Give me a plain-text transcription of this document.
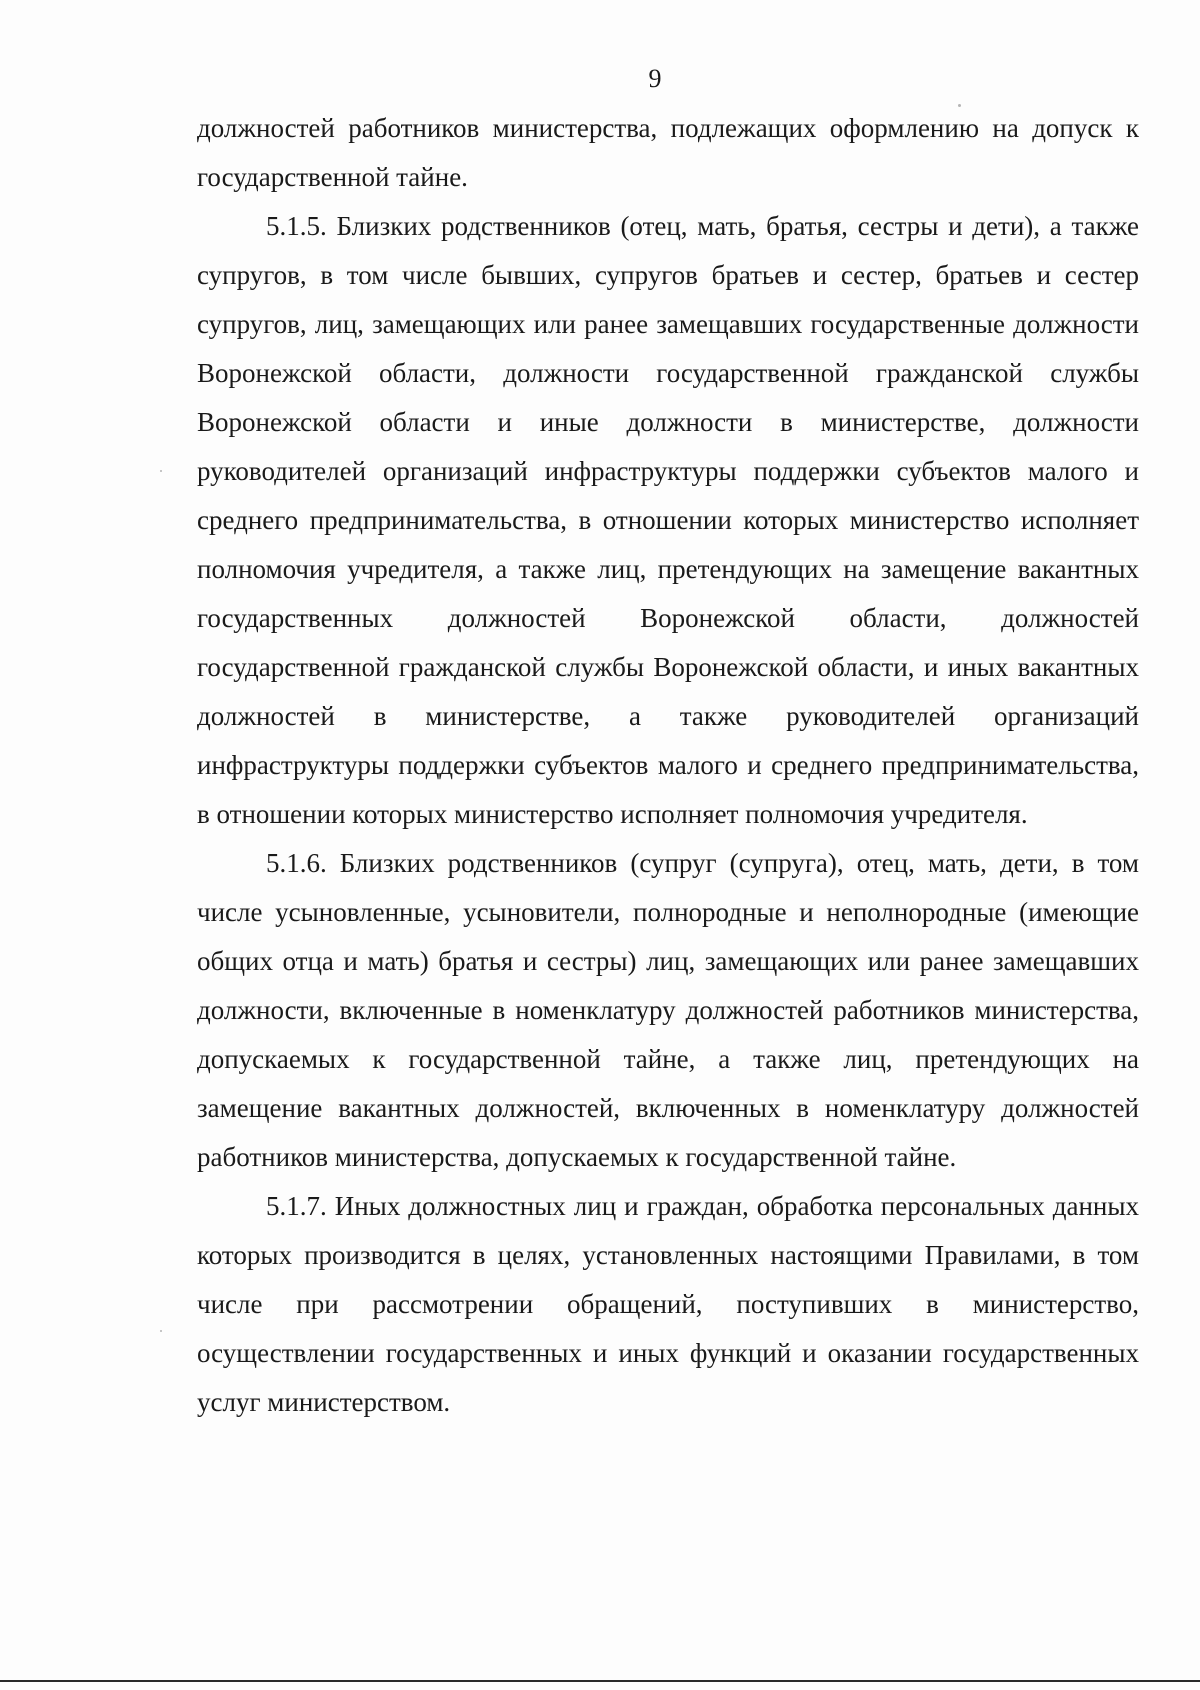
9

должностей работников министерства, подлежащих оформлению на допуск к государственной тайне.

5.1.5. Близких родственников (отец, мать, братья, сестры и дети), а также супругов, в том числе бывших, супругов братьев и сестер, братьев и сестер супругов, лиц, замещающих или ранее замещавших государственные должности Воронежской области, должности государственной гражданской службы Воронежской области и иные должности в министерстве, должности руководителей организаций инфраструктуры поддержки субъектов малого и среднего предпринимательства, в отношении которых министерство исполняет полномочия учредителя, а также лиц, претендующих на замещение вакантных государственных должностей Воронежской области, должностей государственной гражданской службы Воронежской области, и иных вакантных должностей в министерстве, а также руководителей организаций инфраструктуры поддержки субъектов малого и среднего предпринимательства, в отношении которых министерство исполняет полномочия учредителя.

5.1.6. Близких родственников (супруг (супруга), отец, мать, дети, в том числе усыновленные, усыновители, полнородные и неполнородные (имеющие общих отца и мать) братья и сестры) лиц, замещающих или ранее замещавших должности, включенные в номенклатуру должностей работников министерства, допускаемых к государственной тайне, а также лиц, претендующих на замещение вакантных должностей, включенных в номенклатуру должностей работников министерства, допускаемых к государственной тайне.

5.1.7. Иных должностных лиц и граждан, обработка персональных данных которых производится в целях, установленных настоящими Правилами, в том числе при рассмотрении обращений, поступивших в министерство, осуществлении государственных и иных функций и оказании государственных услуг министерством.
